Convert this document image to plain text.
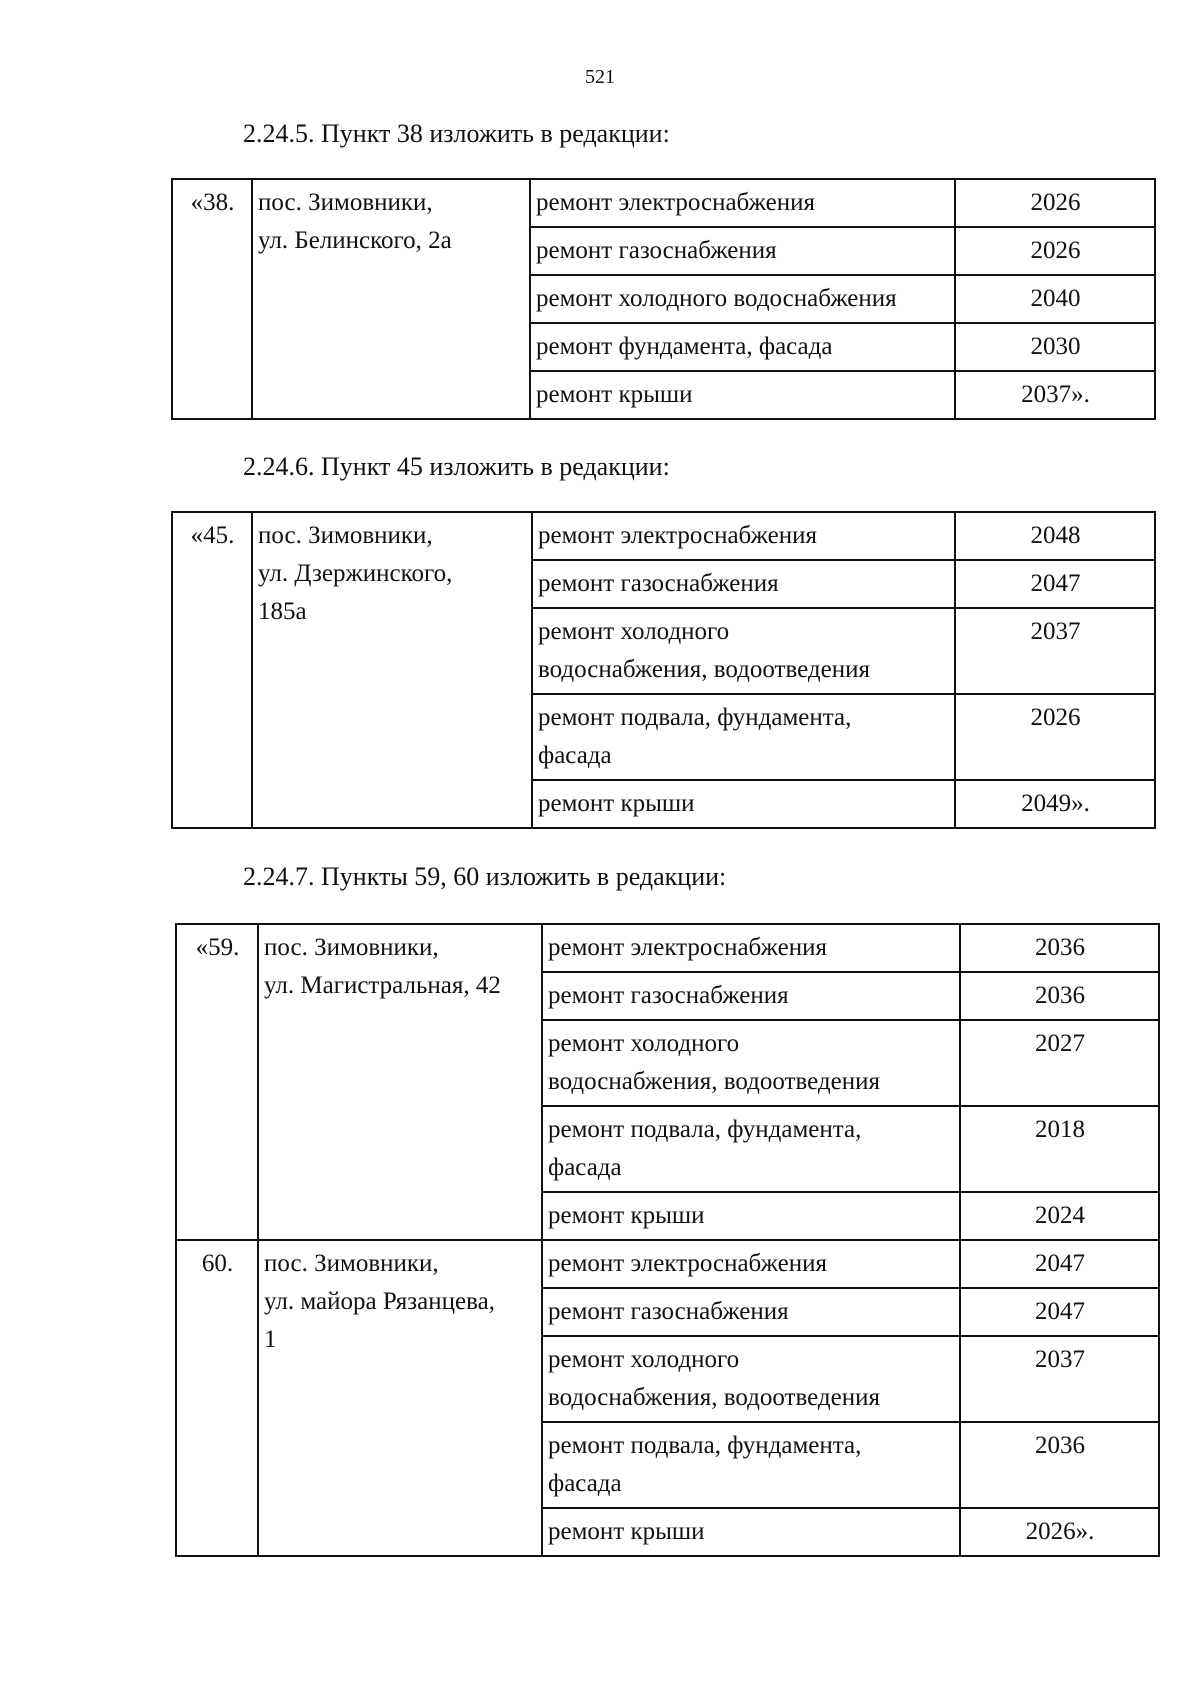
521
2.24.5. Пункт 38 изложить в редакции:
«38.	пос. Зимовники,
ул. Белинского, 2а	ремонт электроснабжения	2026

		ремонт газоснабжения	2026

		ремонт холодного водоснабжения	2040

		ремонт фундамента, фасада	2030

		ремонт крыши	2037».
2.24.6. Пункт 45 изложить в редакции:
«45.	пос. Зимовники,
ул. Дзержинского,
185а	ремонт электроснабжения	2048

		ремонт газоснабжения	2047

		ремонт холодного
водоснабжения, водоотведения	2037

		ремонт подвала, фундамента,
фасада	2026

		ремонт крыши	2049».
2.24.7. Пункты 59, 60 изложить в редакции:
«59.	пос. Зимовники,
ул. Магистральная, 42	ремонт электроснабжения	2036

		ремонт газоснабжения	2036

		ремонт холодного
водоснабжения, водоотведения	2027

		ремонт подвала, фундамента,
фасада	2018

		ремонт крыши	2024
60.	пос. Зимовники,
ул. майора Рязанцева,
1	ремонт электроснабжения	2047

		ремонт газоснабжения	2047

		ремонт холодного
водоснабжения, водоотведения	2037

		ремонт подвала, фундамента,
фасада	2036

		ремонт крыши	2026».
